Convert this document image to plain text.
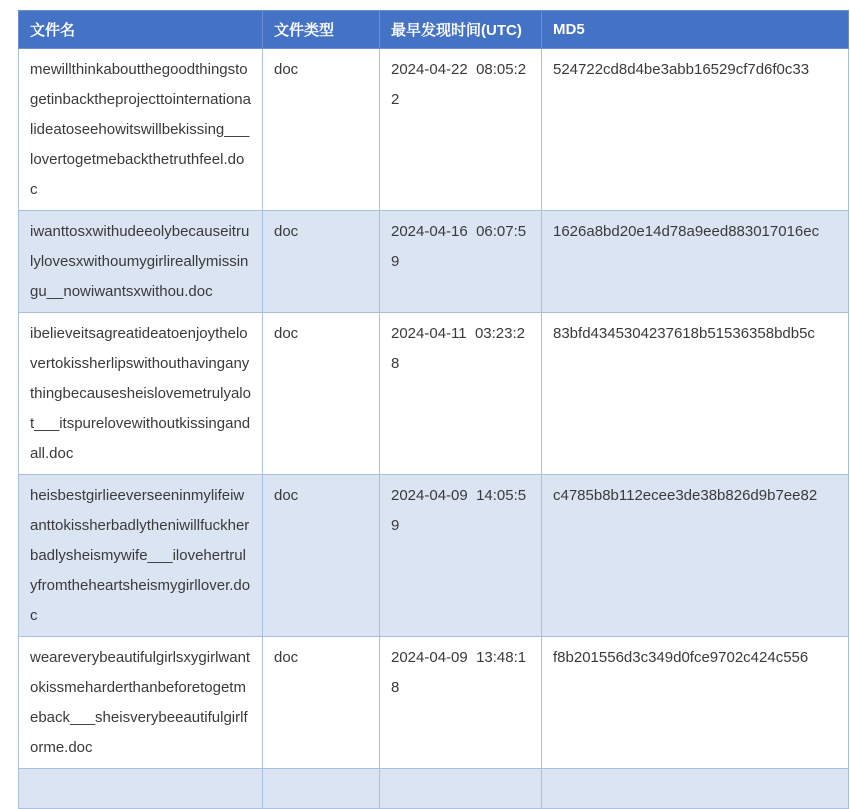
文件名	文件类型	最早发现时间(UTC)	MD5
mewillthinkaboutthegoodthingstogetinbacktheprojecttointernationalideatoseehowitswillbekissing___lovertogetmebackthetruthfeel.doc	doc	2024-04-22  08:05:22	524722cd8d4be3abb16529cf7d6f0c33
iwanttosxwithudeeolybecauseitrulylovesxwithoumygirlireallymissingu__nowiwantsxwithou.doc	doc	2024-04-16  06:07:59	1626a8bd20e14d78a9eed883017016ec
ibelieveitsagreatideatoenjoythelovertokissherlipswithouthavinganythingbecausesheislovemetrulyalot___itspurelovewithoutkissingandall.doc	doc	2024-04-11  03:23:28	83bfd4345304237618b51536358bdb5c
heisbestgirlieeverseeninmylifeiwanttokissherbadlytheniwillfuckherbadlysheismywife___ilovehertrulyfromtheheartsheismygirllover.doc	doc	2024-04-09  14:05:59	c4785b8b112ecee3de38b826d9b7ee82
weareverybeautifulgirlsxygirlwantokissmeharderthanbeforetogetmeback___sheisverybeeautifulgirlforme.doc	doc	2024-04-09  13:48:18	f8b201556d3c349d0fce9702c424c556
